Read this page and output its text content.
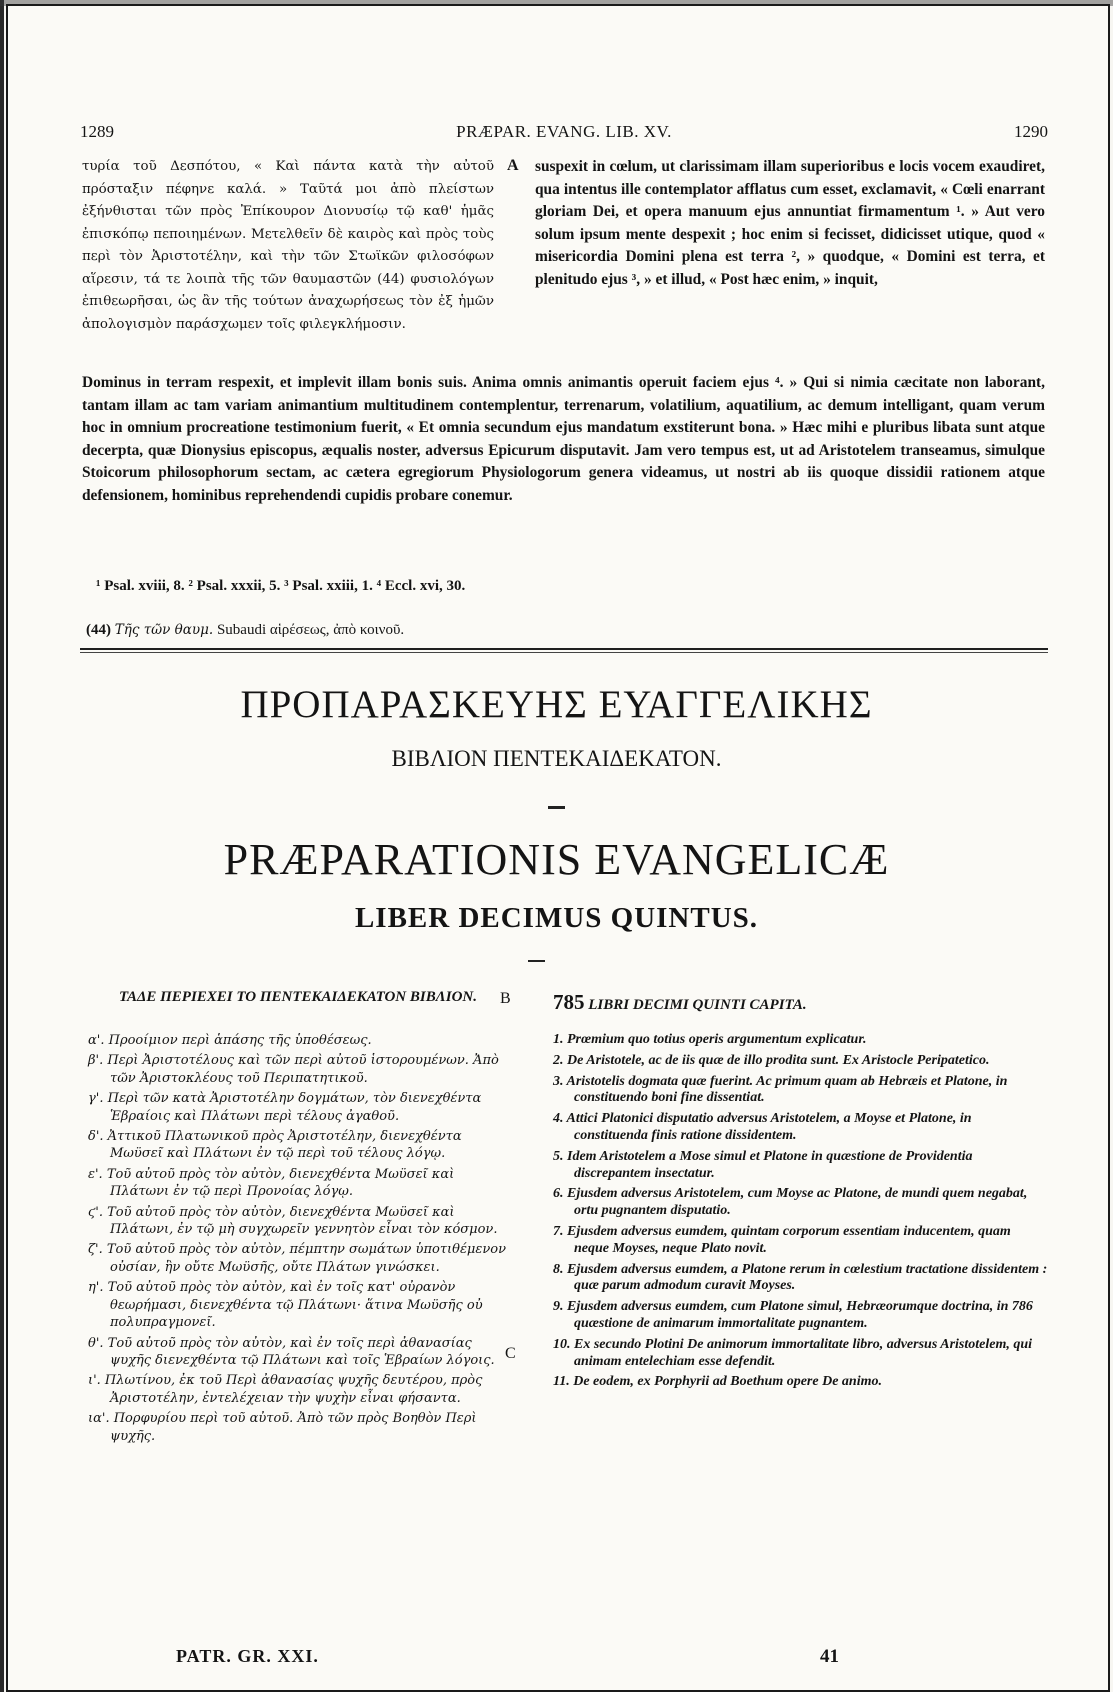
1289	PRÆPAR. EVANG. LIB. XV.	1290
τυρία τοῦ Δεσπότου, « Καὶ πάντα κατὰ τὴν αὐτοῦ πρόσταξιν πέφηνε καλά. » Ταῦτά μοι ἀπὸ πλείστων ἐξήνθισται τῶν πρὸς Ἐπίκουρον Διονυσίῳ τῷ καθ' ἡμᾶς ἐπισκόπῳ πεποιημένων. Μετελθεῖν δὲ καιρὸς καὶ πρὸς τοὺς περὶ τὸν Ἀριστοτέλην, καὶ τὴν τῶν Στωϊκῶν φιλοσόφων αἵρεσιν, τά τε λοιπὰ τῆς τῶν θαυμαστῶν (44) φυσιολόγων ἐπιθεωρῆσαι, ὡς ἂν τῆς τούτων ἀναχωρήσεως τὸν ἐξ ἡμῶν ἀπολογισμὸν παράσχωμεν τοῖς φιλεγκλήμοσιν.
A suspexit in cœlum, ut clarissimam illam superioribus e locis vocem exaudiret, qua intentus ille contemplator afflatus cum esset, exclamavit, « Cœli enarrant gloriam Dei, et opera manuum ejus annuntiat firmamentum ¹. » Aut vero solum ipsum mente despexit ; hoc enim si fecisset, didicisset utique, quod « misericordia Domini plena est terra ², » quodque, « Domini est terra, et plenitudo ejus ³, » et illud, « Post hæc enim, » inquit,
Dominus in terram respexit, et implevit illam bonis suis. Anima omnis animantis operuit faciem ejus ⁴. » Qui si nimia cæcitate non laborant, tantam illam ac tam variam animantium multitudinem contemplentur, terrenarum, volatilium, aquatilium, ac demum intelligant, quam verum hoc in omnium procreatione testimonium fuerit, « Et omnia secundum ejus mandatum exstiterunt bona. » Hæc mihi e pluribus libata sunt atque decerpta, quæ Dionysius episcopus, æqualis noster, adversus Epicurum disputavit. Jam vero tempus est, ut ad Aristotelem transeamus, simulque Stoicorum philosophorum sectam, ac cætera egregiorum Physiologorum genera videamus, ut nostri ab iis quoque dissidii rationem atque defensionem, hominibus reprehendendi cupidis probare conemur.
¹ Psal. xviii, 8. ² Psal. xxxii, 5. ³ Psal. xxiii, 1. ⁴ Eccl. xvi, 30.
(44) Τῆς τῶν θαυμ. Subaudi αἱρέσεως, ἀπὸ κοινοῦ.
ΠΡΟΠΑΡΑΣΚΕΥΗΣ ΕΥΑΓΓΕΛΙΚΗΣ
ΒΙΒΛΙΟΝ ΠΕΝΤΕΚΑΙΔΕΚΑΤΟΝ.
PRÆPARATIONIS EVANGELICÆ
LIBER DECIMUS QUINTUS.
ΤΑΔΕ ΠΕΡΙΕΧΕΙ ΤΟ ΠΕΝΤΕΚΑΙΔΕΚΑΤΟΝ ΒΙΒΛΙΟΝ.	B
C
785 LIBRI DECIMI QUINTI CAPITA.
α'. Προοίμιον περὶ ἁπάσης τῆς ὑποθέσεως.
β'. Περὶ Ἀριστοτέλους καὶ τῶν περὶ αὐτοῦ ἱστορουμένων. Ἀπὸ τῶν Ἀριστοκλέους τοῦ Περιπατητικοῦ.
γ'. Περὶ τῶν κατὰ Ἀριστοτέλην δογμάτων, τὸν διενεχθέντα Ἑβραίοις καὶ Πλάτωνι περὶ τέλους ἀγαθοῦ.
δ'. Ἀττικοῦ Πλατωνικοῦ πρὸς Ἀριστοτέλην, διενεχθέντα Μωϋσεῖ καὶ Πλάτωνι ἐν τῷ περὶ τοῦ τέλους λόγῳ.
ε'. Τοῦ αὐτοῦ πρὸς τὸν αὐτὸν, διενεχθέντα Μωϋσεῖ καὶ Πλάτωνι ἐν τῷ περὶ Προνοίας λόγῳ.
ϛ'. Τοῦ αὐτοῦ πρὸς τὸν αὐτὸν, διενεχθέντα Μωϋσεῖ καὶ Πλάτωνι, ἐν τῷ μὴ συγχωρεῖν γεννητὸν εἶναι τὸν κόσμον.
ζ'. Τοῦ αὐτοῦ πρὸς τὸν αὐτὸν, πέμπτην σωμάτων ὑποτιθέμενον οὐσίαν, ἣν οὔτε Μωϋσῆς, οὔτε Πλάτων γινώσκει.
η'. Τοῦ αὐτοῦ πρὸς τὸν αὐτὸν, καὶ ἐν τοῖς κατ' οὐρανὸν θεωρήμασι, διενεχθέντα τῷ Πλάτωνι· ἅτινα Μωϋσῆς οὐ πολυπραγμονεῖ.
θ'. Τοῦ αὐτοῦ πρὸς τὸν αὐτὸν, καὶ ἐν τοῖς περὶ ἀθανασίας ψυχῆς διενεχθέντα τῷ Πλάτωνι καὶ τοῖς Ἑβραίων λόγοις.
ι'. Πλωτίνου, ἐκ τοῦ Περὶ ἀθανασίας ψυχῆς δευτέρου, πρὸς Ἀριστοτέλην, ἐντελέχειαν τὴν ψυχὴν εἶναι φήσαντα.
ια'. Πορφυρίου περὶ τοῦ αὐτοῦ. Ἀπὸ τῶν πρὸς Βοηθὸν Περὶ ψυχῆς.
1. Prœmium quo totius operis argumentum explicatur.
2. De Aristotele, ac de iis quæ de illo prodita sunt. Ex Aristocle Peripatetico.
3. Aristotelis dogmata quæ fuerint. Ac primum quam ab Hebræis et Platone, in constituendo boni fine dissentiat.
4. Attici Platonici disputatio adversus Aristotelem, a Moyse et Platone, in constituenda finis ratione dissidentem.
5. Idem Aristotelem a Mose simul et Platone in quæstione de Providentia discrepantem insectatur.
6. Ejusdem adversus Aristotelem, cum Moyse ac Platone, de mundi quem negabat, ortu pugnantem disputatio.
7. Ejusdem adversus eumdem, quintam corporum essentiam inducentem, quam neque Moyses, neque Plato novit.
8. Ejusdem adversus eumdem, a Platone rerum in cœlestium tractatione dissidentem : quæ parum admodum curavit Moyses.
9. Ejusdem adversus eumdem, cum Platone simul, Hebræorumque doctrina, in 786 quæstione de animarum immortalitate pugnantem.
10. Ex secundo Plotini De animorum immortalitate libro, adversus Aristotelem, qui animam entelechiam esse defendit.
11. De eodem, ex Porphyrii ad Boethum opere De animo.
PATR. GR. XXI.	41
